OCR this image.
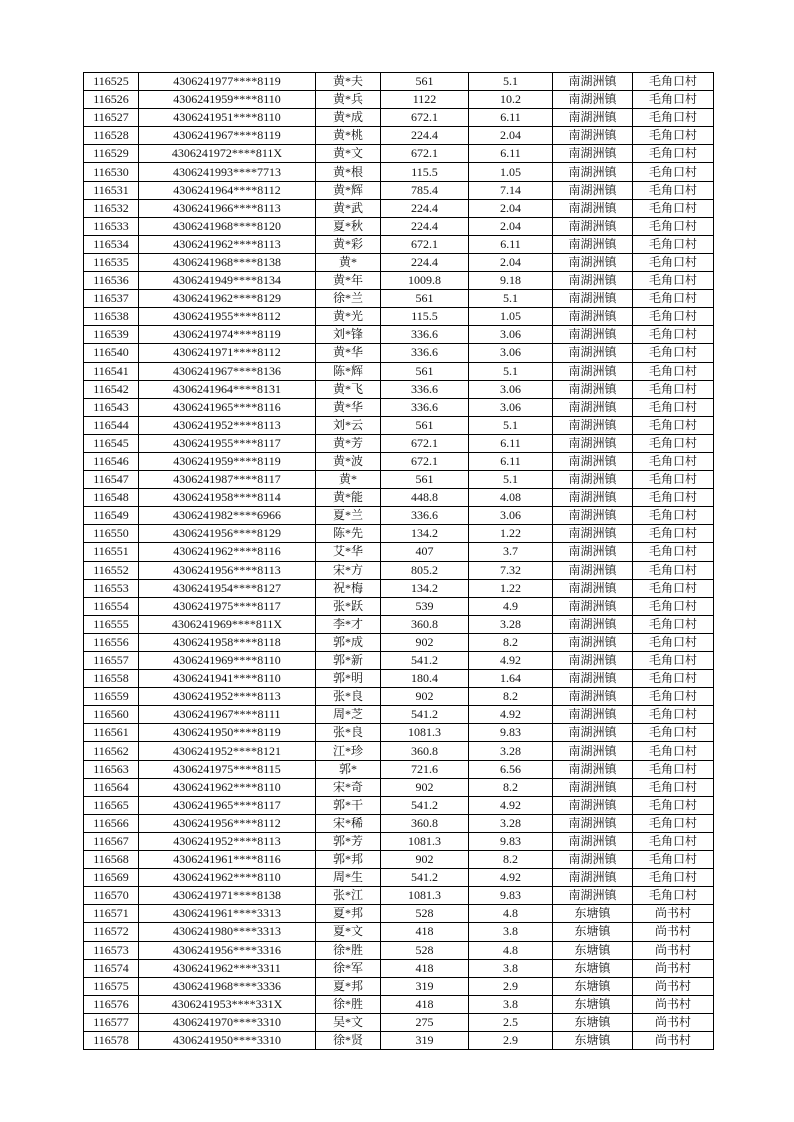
116525	4306241977****8119	黄*夫	561	5.1	南湖洲镇	毛角口村
116526	4306241959****8110	黄*兵	1122	10.2	南湖洲镇	毛角口村
116527	4306241951****8110	黄*成	672.1	6.11	南湖洲镇	毛角口村
116528	4306241967****8119	黄*桃	224.4	2.04	南湖洲镇	毛角口村
116529	4306241972****811X	黄*文	672.1	6.11	南湖洲镇	毛角口村
116530	4306241993****7713	黄*根	115.5	1.05	南湖洲镇	毛角口村
116531	4306241964****8112	黄*辉	785.4	7.14	南湖洲镇	毛角口村
116532	4306241966****8113	黄*武	224.4	2.04	南湖洲镇	毛角口村
116533	4306241968****8120	夏*秋	224.4	2.04	南湖洲镇	毛角口村
116534	4306241962****8113	黄*彩	672.1	6.11	南湖洲镇	毛角口村
116535	4306241968****8138	黄*	224.4	2.04	南湖洲镇	毛角口村
116536	4306241949****8134	黄*年	1009.8	9.18	南湖洲镇	毛角口村
116537	4306241962****8129	徐*兰	561	5.1	南湖洲镇	毛角口村
116538	4306241955****8112	黄*光	115.5	1.05	南湖洲镇	毛角口村
116539	4306241974****8119	刘*锋	336.6	3.06	南湖洲镇	毛角口村
116540	4306241971****8112	黄*华	336.6	3.06	南湖洲镇	毛角口村
116541	4306241967****8136	陈*辉	561	5.1	南湖洲镇	毛角口村
116542	4306241964****8131	黄*飞	336.6	3.06	南湖洲镇	毛角口村
116543	4306241965****8116	黄*华	336.6	3.06	南湖洲镇	毛角口村
116544	4306241952****8113	刘*云	561	5.1	南湖洲镇	毛角口村
116545	4306241955****8117	黄*芳	672.1	6.11	南湖洲镇	毛角口村
116546	4306241959****8119	黄*波	672.1	6.11	南湖洲镇	毛角口村
116547	4306241987****8117	黄*	561	5.1	南湖洲镇	毛角口村
116548	4306241958****8114	黄*能	448.8	4.08	南湖洲镇	毛角口村
116549	4306241982****6966	夏*兰	336.6	3.06	南湖洲镇	毛角口村
116550	4306241956****8129	陈*先	134.2	1.22	南湖洲镇	毛角口村
116551	4306241962****8116	艾*华	407	3.7	南湖洲镇	毛角口村
116552	4306241956****8113	宋*方	805.2	7.32	南湖洲镇	毛角口村
116553	4306241954****8127	祝*梅	134.2	1.22	南湖洲镇	毛角口村
116554	4306241975****8117	张*跃	539	4.9	南湖洲镇	毛角口村
116555	4306241969****811X	李*才	360.8	3.28	南湖洲镇	毛角口村
116556	4306241958****8118	郭*成	902	8.2	南湖洲镇	毛角口村
116557	4306241969****8110	郭*新	541.2	4.92	南湖洲镇	毛角口村
116558	4306241941****8110	郭*明	180.4	1.64	南湖洲镇	毛角口村
116559	4306241952****8113	张*良	902	8.2	南湖洲镇	毛角口村
116560	4306241967****8111	周*芝	541.2	4.92	南湖洲镇	毛角口村
116561	4306241950****8119	张*良	1081.3	9.83	南湖洲镇	毛角口村
116562	4306241952****8121	江*珍	360.8	3.28	南湖洲镇	毛角口村
116563	4306241975****8115	郭*	721.6	6.56	南湖洲镇	毛角口村
116564	4306241962****8110	宋*奇	902	8.2	南湖洲镇	毛角口村
116565	4306241965****8117	郭*干	541.2	4.92	南湖洲镇	毛角口村
116566	4306241956****8112	宋*稀	360.8	3.28	南湖洲镇	毛角口村
116567	4306241952****8113	郭*芳	1081.3	9.83	南湖洲镇	毛角口村
116568	4306241961****8116	郭*邦	902	8.2	南湖洲镇	毛角口村
116569	4306241962****8110	周*生	541.2	4.92	南湖洲镇	毛角口村
116570	4306241971****8138	张*江	1081.3	9.83	南湖洲镇	毛角口村
116571	4306241961****3313	夏*邦	528	4.8	东塘镇	尚书村
116572	4306241980****3313	夏*文	418	3.8	东塘镇	尚书村
116573	4306241956****3316	徐*胜	528	4.8	东塘镇	尚书村
116574	4306241962****3311	徐*军	418	3.8	东塘镇	尚书村
116575	4306241968****3336	夏*邦	319	2.9	东塘镇	尚书村
116576	4306241953****331X	徐*胜	418	3.8	东塘镇	尚书村
116577	4306241970****3310	吴*文	275	2.5	东塘镇	尚书村
116578	4306241950****3310	徐*贤	319	2.9	东塘镇	尚书村
